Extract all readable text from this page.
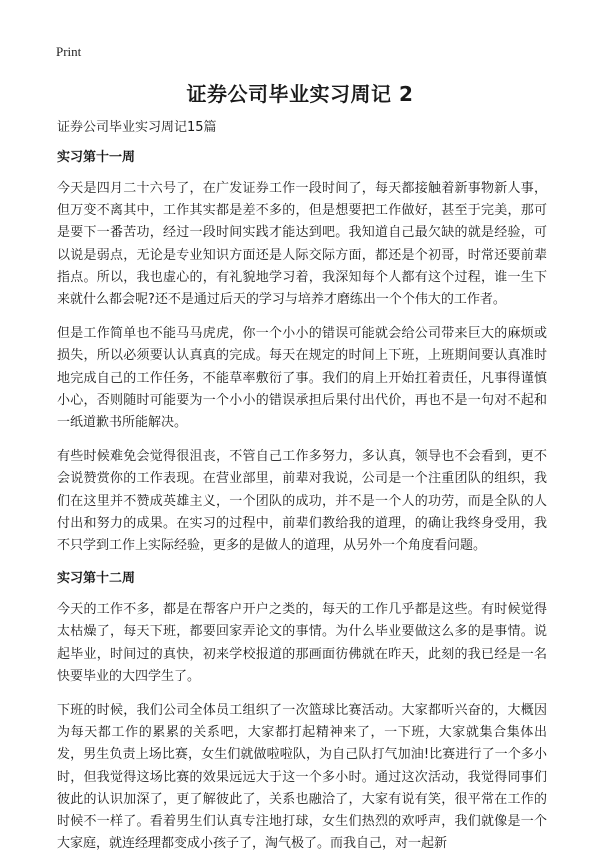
Print
证券公司毕业实习周记 2

证券公司毕业实习周记15篇

实习第十一周

今天是四月二十六号了，在广发证券工作一段时间了，每天都接触着新事物新人事，但万变不离其中，工作其实都是差不多的，但是想要把工作做好，甚至于完美，那可是要下一番苦功，经过一段时间实践才能达到吧。我知道自己最欠缺的就是经验，可以说是弱点，无论是专业知识方面还是人际交际方面，都还是个初哥，时常还要前辈指点。所以，我也虚心的，有礼貌地学习着，我深知每个人都有这个过程，谁一生下来就什么都会呢?还不是通过后天的学习与培养才磨练出一个个伟大的工作者。

但是工作简单也不能马马虎虎，你一个小小的错误可能就会给公司带来巨大的麻烦或损失，所以必须要认认真真的完成。每天在规定的时间上下班，上班期间要认真准时地完成自己的工作任务，不能草率敷衍了事。我们的肩上开始扛着责任，凡事得谨慎小心，否则随时可能要为一个小小的错误承担后果付出代价，再也不是一句对不起和一纸道歉书所能解决。

有些时候难免会觉得很沮丧，不管自己工作多努力，多认真，领导也不会看到，更不会说赞赏你的工作表现。在营业部里，前辈对我说，公司是一个注重团队的组织，我们在这里并不赞成英雄主义，一个团队的成功，并不是一个人的功劳，而是全队的人付出和努力的成果。在实习的过程中，前辈们教给我的道理，的确让我终身受用，我不只学到工作上实际经验，更多的是做人的道理，从另外一个角度看问题。

实习第十二周

今天的工作不多，都是在帮客户开户之类的，每天的工作几乎都是这些。有时候觉得太枯燥了，每天下班，都要回家弄论文的事情。为什么毕业要做这么多的是事情。说起毕业，时间过的真快，初来学校报道的那画面彷佛就在昨天，此刻的我已经是一名快要毕业的大四学生了。

下班的时候，我们公司全体员工组织了一次篮球比赛活动。大家都听兴奋的，大概因为每天都工作的累累的关系吧，大家都打起精神来了，一下班，大家就集合集体出发，男生负责上场比赛，女生们就做啦啦队，为自己队打气加油!比赛进行了一个多小时，但我觉得这场比赛的效果远远大于这一个多小时。通过这次活动，我觉得同事们彼此的认识加深了，更了解彼此了，关系也融洽了，大家有说有笑，很平常在工作的时候不一样了。看着男生们认真专注地打球，女生们热烈的欢呼声，我们就像是一个大家庭，就连经理都变成小孩子了，淘气极了。而我自己，对一起新
